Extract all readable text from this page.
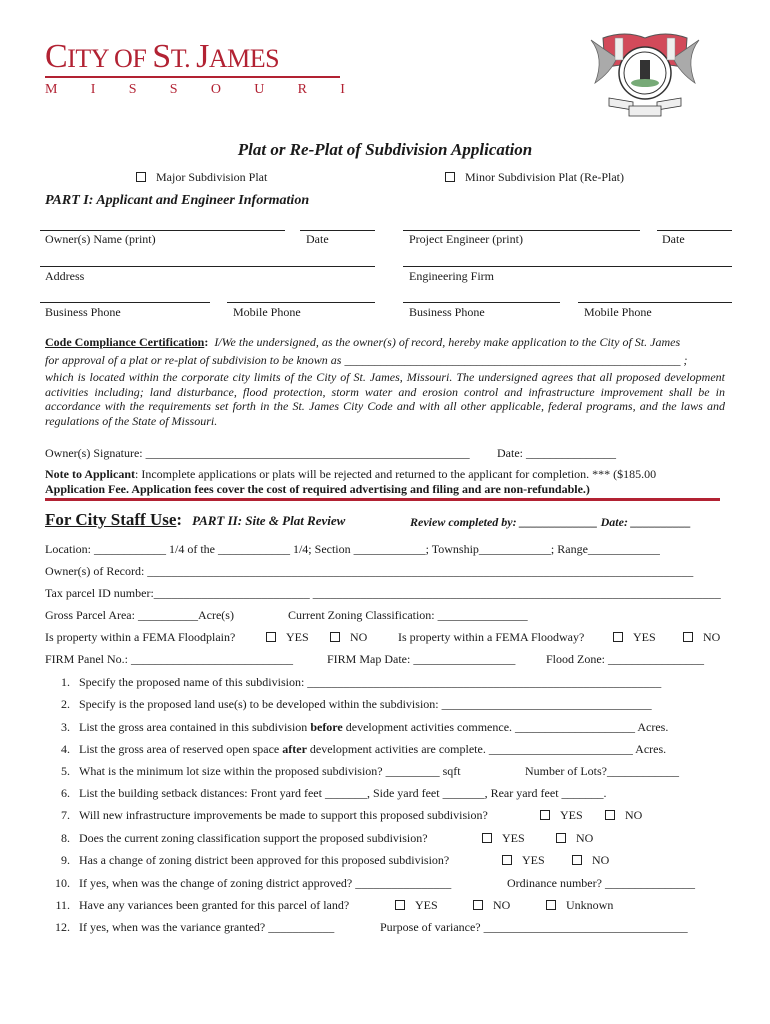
CITY OF ST. JAMES
M I S S O U R I
Plat or Re-Plat of Subdivision Application
Major Subdivision Plat	Minor Subdivision Plat (Re-Plat)
PART I: Applicant and Engineer Information
Owner(s) Name (print)	Date	Project Engineer (print)	Date
Address	Engineering Firm
Business Phone	Mobile Phone	Business Phone	Mobile Phone
Code Compliance Certification: I/We the undersigned, as the owner(s) of record, hereby make application to the City of St. James
for approval of a plat or re-plat of subdivision to be known as ________________________________________________________ ;
which is located within the corporate city limits of the City of St. James, Missouri. The undersigned agrees that all proposed development activities including; land disturbance, flood protection, storm water and erosion control and infrastructure improvement shall be in accordance with the requirements set forth in the St. James City Code and with all other applicable, federal programs, and the laws and regulations of the State of Missouri.
Owner(s) Signature: ______________________________________________________ Date: _______________
Note to Applicant: Incomplete applications or plats will be rejected and returned to the applicant for completion. *** ($185.00
Application Fee. Application fees cover the cost of required advertising and filing and are non-refundable.)
For City Staff Use: PART II: Site & Plat Review	Review completed by: _____________ Date: __________
Location: ____________ 1/4 of the ____________ 1/4; Section ____________; Township____________; Range____________
Owner(s) of Record: ___________________________________________________________________________________________
Tax parcel ID number:__________________________ ____________________________________________________________________
Gross Parcel Area: __________Acre(s)	Current Zoning Classification: _______________
Is property within a FEMA Floodplain?	YES	NO	Is property within a FEMA Floodway?	YES	NO
FIRM Panel No.: ___________________________	FIRM Map Date: _________________	Flood Zone: ________________
1. Specify the proposed name of this subdivision: ___________________________________________________________
2. Specify is the proposed land use(s) to be developed within the subdivision: ___________________________________
3. List the gross area contained in this subdivision before development activities commence. ____________________ Acres.
4. List the gross area of reserved open space after development activities are complete. ________________________ Acres.
5. What is the minimum lot size within the proposed subdivision? _________ sqft	Number of Lots?____________
6. List the building setback distances: Front yard feet _______, Side yard feet _______, Rear yard feet _______.
7. Will new infrastructure improvements be made to support this proposed subdivision?	YES	NO
8. Does the current zoning classification support the proposed subdivision?	YES	NO
9. Has a change of zoning district been approved for this proposed subdivision?	YES	NO
10. If yes, when was the change of zoning district approved? ________________	Ordinance number? _______________
11. Have any variances been granted for this parcel of land?	YES	NO	Unknown
12. If yes, when was the variance granted? ___________	Purpose of variance? __________________________________
